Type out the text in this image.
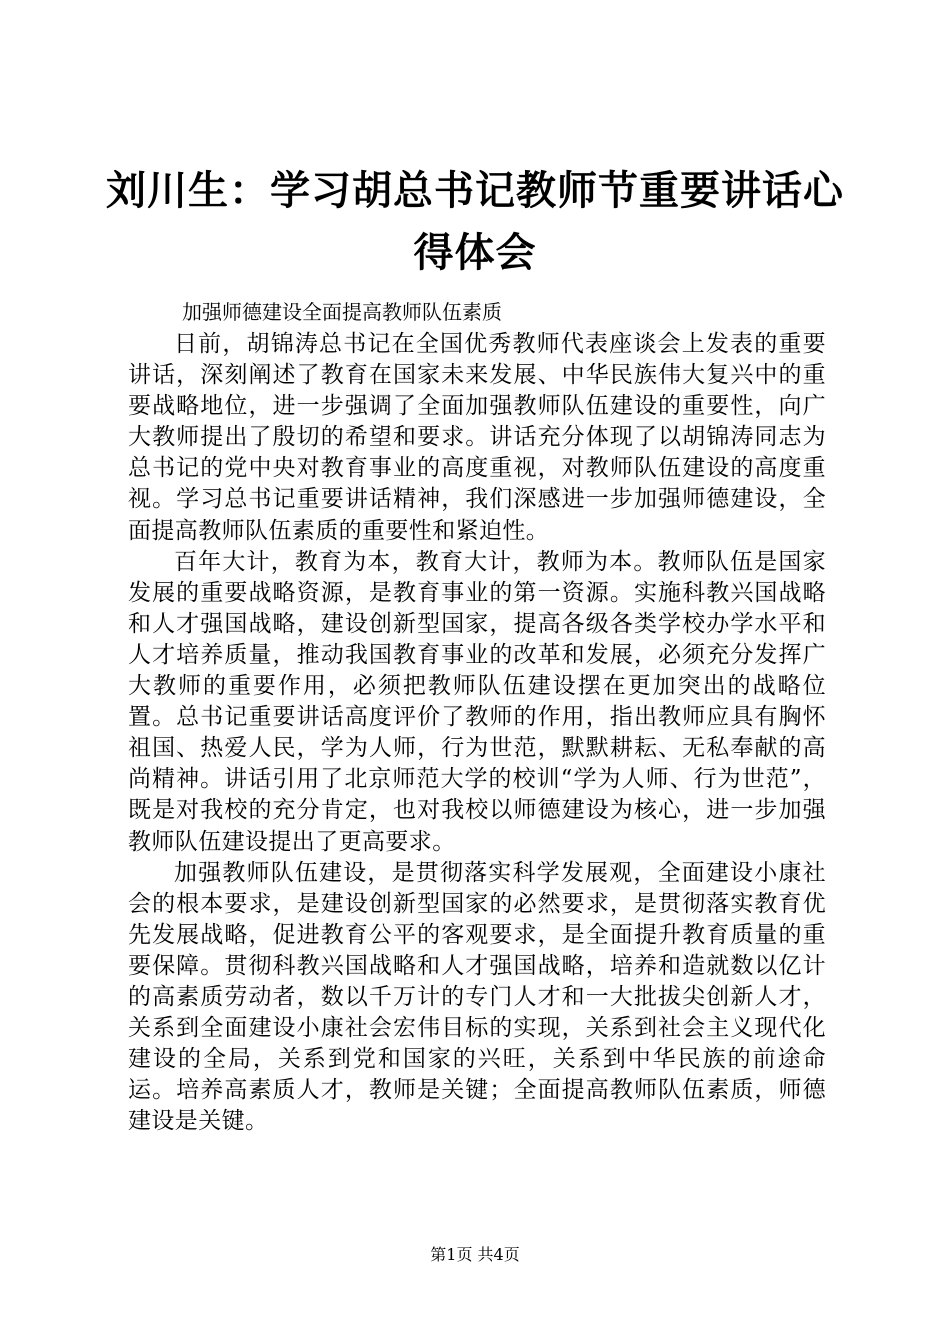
刘川生：学习胡总书记教师节重要讲话心得体会

加强师德建设全面提高教师队伍素质

日前，胡锦涛总书记在全国优秀教师代表座谈会上发表的重要讲话，深刻阐述了教育在国家未来发展、中华民族伟大复兴中的重要战略地位，进一步强调了全面加强教师队伍建设的重要性，向广大教师提出了殷切的希望和要求。讲话充分体现了以胡锦涛同志为总书记的党中央对教育事业的高度重视，对教师队伍建设的高度重视。学习总书记重要讲话精神，我们深感进一步加强师德建设，全面提高教师队伍素质的重要性和紧迫性。

百年大计，教育为本，教育大计，教师为本。教师队伍是国家发展的重要战略资源，是教育事业的第一资源。实施科教兴国战略和人才强国战略，建设创新型国家，提高各级各类学校办学水平和人才培养质量，推动我国教育事业的改革和发展，必须充分发挥广大教师的重要作用，必须把教师队伍建设摆在更加突出的战略位置。总书记重要讲话高度评价了教师的作用，指出教师应具有胸怀祖国、热爱人民，学为人师，行为世范，默默耕耘、无私奉献的高尚精神。讲话引用了北京师范大学的校训“学为人师、行为世范”，既是对我校的充分肯定，也对我校以师德建设为核心，进一步加强教师队伍建设提出了更高要求。

加强教师队伍建设，是贯彻落实科学发展观，全面建设小康社会的根本要求，是建设创新型国家的必然要求，是贯彻落实教育优先发展战略，促进教育公平的客观要求，是全面提升教育质量的重要保障。贯彻科教兴国战略和人才强国战略，培养和造就数以亿计的高素质劳动者，数以千万计的专门人才和一大批拔尖创新人才，关系到全面建设小康社会宏伟目标的实现，关系到社会主义现代化建设的全局，关系到党和国家的兴旺，关系到中华民族的前途命运。培养高素质人才，教师是关键；全面提高教师队伍素质，师德建设是关键。

第1页 共4页
